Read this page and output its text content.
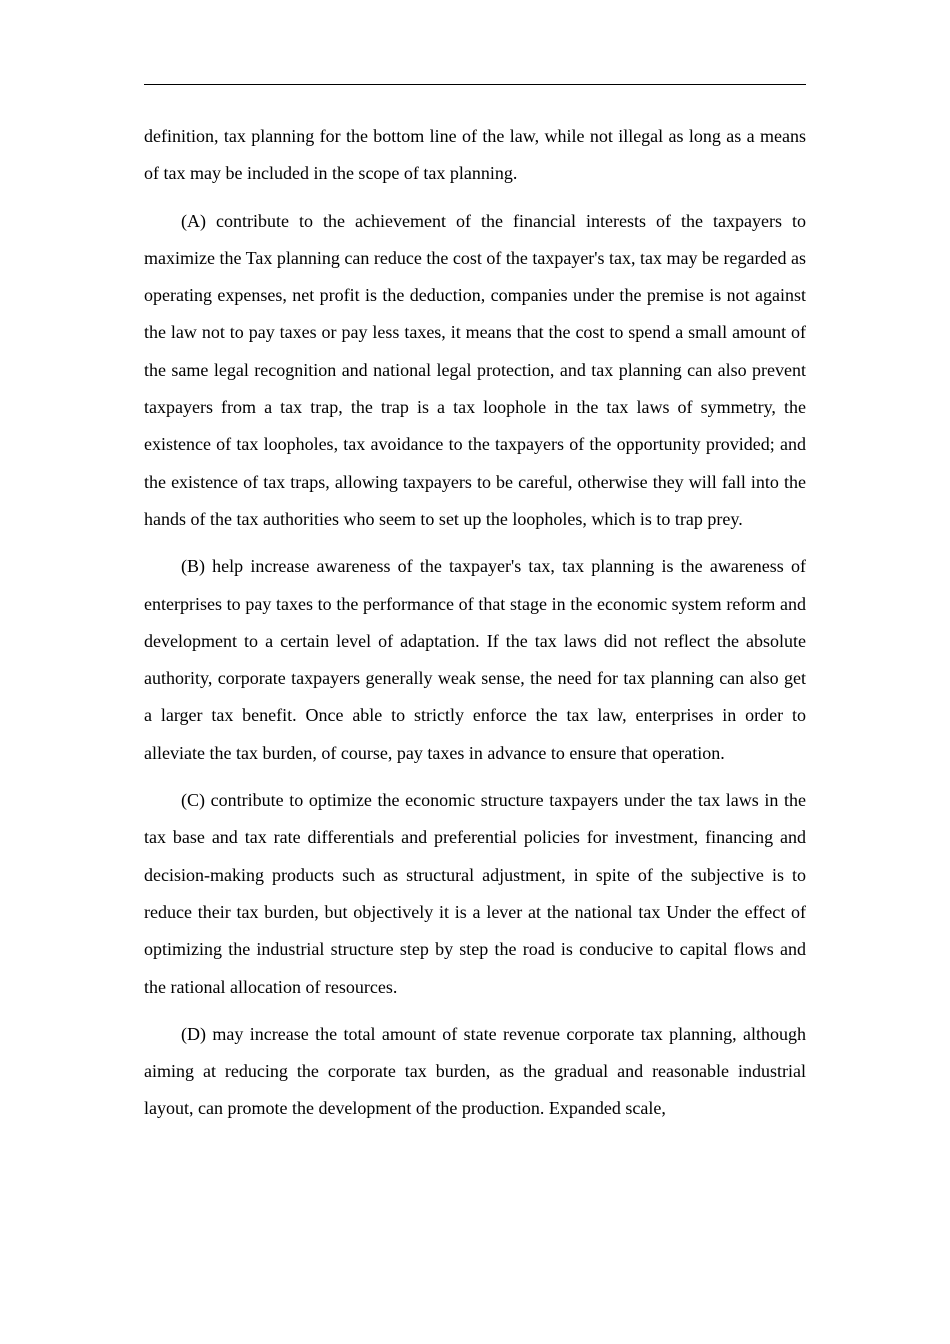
definition, tax planning for the bottom line of the law, while not illegal as long as a means of tax may be included in the scope of tax planning.

(A) contribute to the achievement of the financial interests of the taxpayers to maximize the Tax planning can reduce the cost of the taxpayer's tax, tax may be regarded as operating expenses, net profit is the deduction, companies under the premise is not against the law not to pay taxes or pay less taxes, it means that the cost to spend a small amount of the same legal recognition and national legal protection, and tax planning can also prevent taxpayers from a tax trap, the trap is a tax loophole in the tax laws of symmetry, the existence of tax loopholes, tax avoidance to the taxpayers of the opportunity provided; and the existence of tax traps, allowing taxpayers to be careful, otherwise they will fall into the hands of the tax authorities who seem to set up the loopholes, which is to trap prey.

(B) help increase awareness of the taxpayer's tax, tax planning is the awareness of enterprises to pay taxes to the performance of that stage in the economic system reform and development to a certain level of adaptation. If the tax laws did not reflect the absolute authority, corporate taxpayers generally weak sense, the need for tax planning can also get a larger tax benefit. Once able to strictly enforce the tax law, enterprises in order to alleviate the tax burden, of course, pay taxes in advance to ensure that operation.

(C) contribute to optimize the economic structure taxpayers under the tax laws in the tax base and tax rate differentials and preferential policies for investment, financing and decision-making products such as structural adjustment, in spite of the subjective is to reduce their tax burden, but objectively it is a lever at the national tax Under the effect of optimizing the industrial structure step by step the road is conducive to capital flows and the rational allocation of resources.

(D) may increase the total amount of state revenue corporate tax planning, although aiming at reducing the corporate tax burden, as the gradual and reasonable industrial layout, can promote the development of the production. Expanded scale,
